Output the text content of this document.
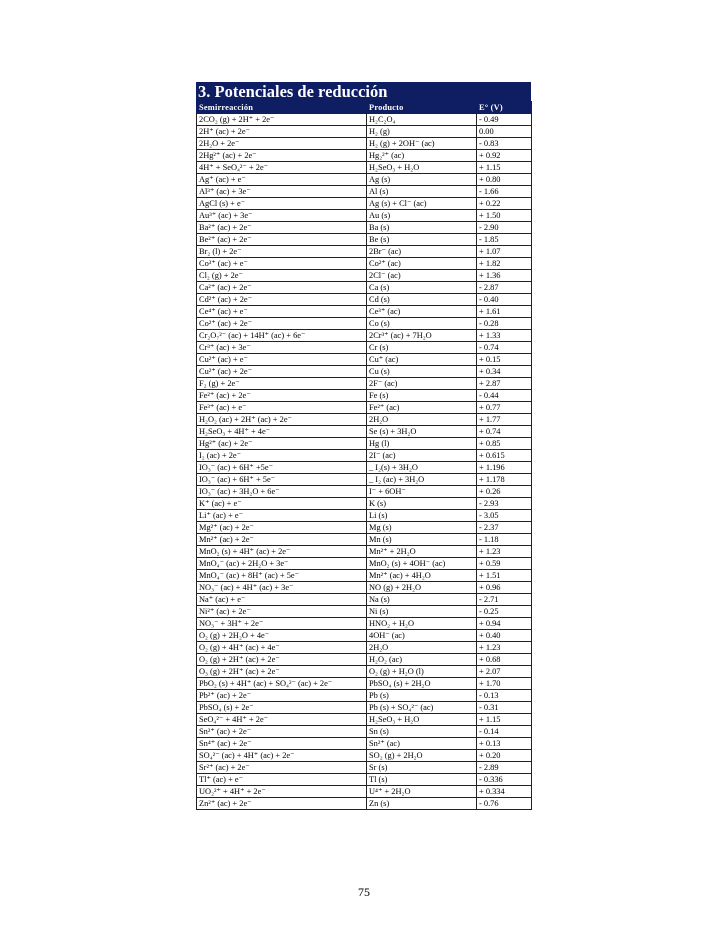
3. Potenciales de reducción
Semirreacción	Producto	E° (V)
2CO₂ (g) + 2H⁺ + 2e⁻	H₂C₂O₄	- 0.49
2H⁺ (ac) + 2e⁻	H₂ (g)	0.00
2H₂O + 2e⁻	H₂ (g) + 2OH⁻ (ac)	- 0.83
2Hg²⁺ (ac) + 2e⁻	Hg₂²⁺ (ac)	+ 0.92
4H⁺ + SeO₄²⁻ + 2e⁻	H₂SeO₃ + H₂O	+ 1.15
Ag⁺ (ac) + e⁻	Ag (s)	+ 0.80
Al³⁺ (ac) + 3e⁻	Al (s)	- 1.66
AgCl (s) + e⁻	Ag (s) + Cl⁻ (ac)	+ 0.22
Au³⁺ (ac) + 3e⁻	Au (s)	+ 1.50
Ba²⁺ (ac) + 2e⁻	Ba (s)	- 2.90
Be²⁺ (ac) + 2e⁻	Be (s)	- 1.85
Br₂ (l) + 2e⁻	2Br⁻ (ac)	+ 1.07
Co³⁺ (ac) + e⁻	Co²⁺ (ac)	+ 1.82
Cl₂ (g) + 2e⁻	2Cl⁻ (ac)	+ 1.36
Ca²⁺ (ac) + 2e⁻	Ca (s)	- 2.87
Cd²⁺ (ac) + 2e⁻	Cd (s)	- 0.40
Ce⁴⁺ (ac) + e⁻	Ce³⁺ (ac)	+ 1.61
Co²⁺ (ac) + 2e⁻	Co (s)	- 0.28
Cr₂O₇²⁻ (ac) + 14H⁺ (ac) + 6e⁻	2Cr³⁺ (ac) + 7H₂O	+ 1.33
Cr³⁺ (ac) + 3e⁻	Cr (s)	- 0.74
Cu²⁺ (ac) + e⁻	Cu⁺ (ac)	+ 0.15
Cu²⁺ (ac) + 2e⁻	Cu (s)	+ 0.34
F₂ (g) + 2e⁻	2F⁻ (ac)	+ 2.87
Fe²⁺ (ac) + 2e⁻	Fe (s)	- 0.44
Fe³⁺ (ac) + e⁻	Fe²⁺ (ac)	+ 0.77
H₂O₂ (ac) + 2H⁺ (ac) + 2e⁻	2H₂O	+ 1.77
H₂SeO₃ + 4H⁺ + 4e⁻	Se (s) + 3H₂O	+ 0.74
Hg²⁺ (ac) + 2e⁻	Hg (l)	+ 0.85
I₂ (ac) + 2e⁻	2I⁻ (ac)	+ 0.615
IO₃⁻ (ac) + 6H⁺ +5e⁻	_ I₂(s) + 3H₂O	+ 1.196
IO₃⁻ (ac) + 6H⁺ + 5e⁻	_ I₂ (ac) + 3H₂O	+ 1.178
IO₃⁻ (ac) + 3H₂O + 6e⁻	I⁻ + 6OH⁻	+ 0.26
K⁺ (ac) + e⁻	K (s)	- 2.93
Li⁺ (ac) + e⁻	Li (s)	- 3.05
Mg²⁺ (ac) + 2e⁻	Mg (s)	- 2.37
Mn²⁺ (ac) + 2e⁻	Mn (s)	- 1.18
MnO₂ (s) + 4H⁺ (ac) + 2e⁻	Mn²⁺ + 2H₂O	+ 1.23
MnO₄⁻ (ac) + 2H₂O + 3e⁻	MnO₂ (s) + 4OH⁻ (ac)	+ 0.59
MnO₄⁻ (ac) + 8H⁺ (ac) + 5e⁻	Mn²⁺ (ac) + 4H₂O	+ 1.51
NO₃⁻ (ac) + 4H⁺ (ac) + 3e⁻	NO (g) + 2H₂O	+ 0.96
Na⁺ (ac) + e⁻	Na (s)	- 2.71
Ni²⁺ (ac) + 2e⁻	Ni (s)	- 0.25
NO₃⁻ + 3H⁺ + 2e⁻	HNO₂ + H₂O	+ 0.94
O₂ (g) + 2H₂O + 4e⁻	4OH⁻ (ac)	+ 0.40
O₂ (g) + 4H⁺ (ac) + 4e⁻	2H₂O	+ 1.23
O₂ (g) + 2H⁺ (ac) + 2e⁻	H₂O₂ (ac)	+ 0.68
O₃ (g) + 2H⁺ (ac) + 2e⁻	O₂ (g) + H₂O (l)	+ 2.07
PbO₂ (s) + 4H⁺ (ac) + SO₄²⁻ (ac) + 2e⁻	PbSO₄ (s) + 2H₂O	+ 1.70
Pb²⁺ (ac) + 2e⁻	Pb (s)	- 0.13
PbSO₄ (s) + 2e⁻	Pb (s) + SO₄²⁻ (ac)	- 0.31
SeO₄²⁻ + 4H⁺ + 2e⁻	H₂SeO₃ + H₂O	+ 1.15
Sn²⁺ (ac) + 2e⁻	Sn (s)	- 0.14
Sn⁴⁺ (ac) + 2e⁻	Sn²⁺ (ac)	+ 0.13
SO₄²⁻ (ac) + 4H⁺ (ac) + 2e⁻	SO₂ (g) + 2H₂O	+ 0.20
Sr²⁺ (ac) + 2e⁻	Sr (s)	- 2.89
Tl⁺ (ac) + e⁻	Tl (s)	- 0.336
UO₂²⁺ + 4H⁺ + 2e⁻	U⁴⁺ + 2H₂O	+ 0.334
Zn²⁺ (ac) + 2e⁻	Zn (s)	- 0.76
75
